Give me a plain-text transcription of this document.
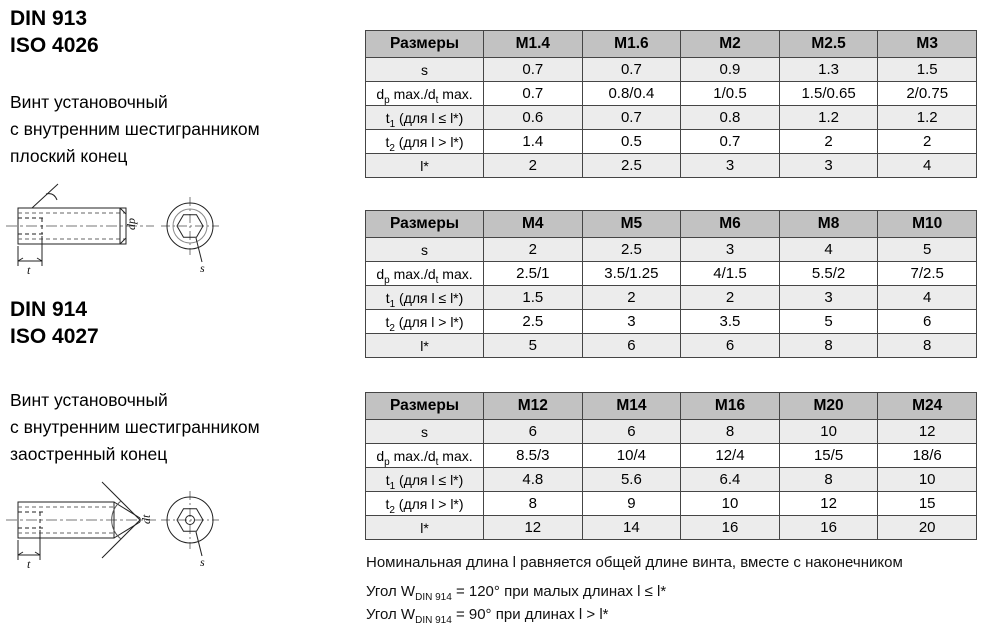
DIN 913
ISO 4026
Винт установочный
с внутренним шестигранником
плоский конец
dp
t	s
DIN 914
ISO 4027
Винт установочный
с внутренним шестигранником
заостренный конец
dt
t	s
Размеры	M1.4	M1.6	M2	M2.5	M3
s	0.7	0.7	0.9	1.3	1.5
$d_p$ $\max./d_t$ max.	0.7	0.8/0.4	1/0.5	1.5/0.65	2/0.75
$t_1$ (для l ≤ l*)	0.6	0.7	0.8	1.2	1.2
$t_2$ (для l > l*)	1.4	0.5	0.7	2	2
l*	2	2.5	3	3	4
Размеры	M4	M5	M6	M8	M10
s	2	2.5	3	4	5
$d_p$ $\max./d_t$ max.	2.5/1	3.5/1.25	4/1.5	5.5/2	7/2.5
$t_1$ (для l ≤ l*)	1.5	2	2	3	4
$t_2$ (для l > l*)	2.5	3	3.5	5	6
l*	5	6	6	8	8
Размеры	M12	M14	M16	M20	M24
s	6	6	8	10	12
$d_p$ $\max./d_t$ max.	8.5/3	10/4	12/4	15/5	18/6
$t_1$ (для l ≤ l*)	4.8	5.6	6.4	8	10
$t_2$ (для l > l*)	8	9	10	12	15
l*	12	14	16	16	20
Номинальная длина l равняется общей длине винта, вместе с наконечником
Угол $W_{DIN 914} = 120^\circ$ при малых длинах l ≤ l*
Угол $W_{DIN 914} = 90^\circ$ при длинах l > l*
